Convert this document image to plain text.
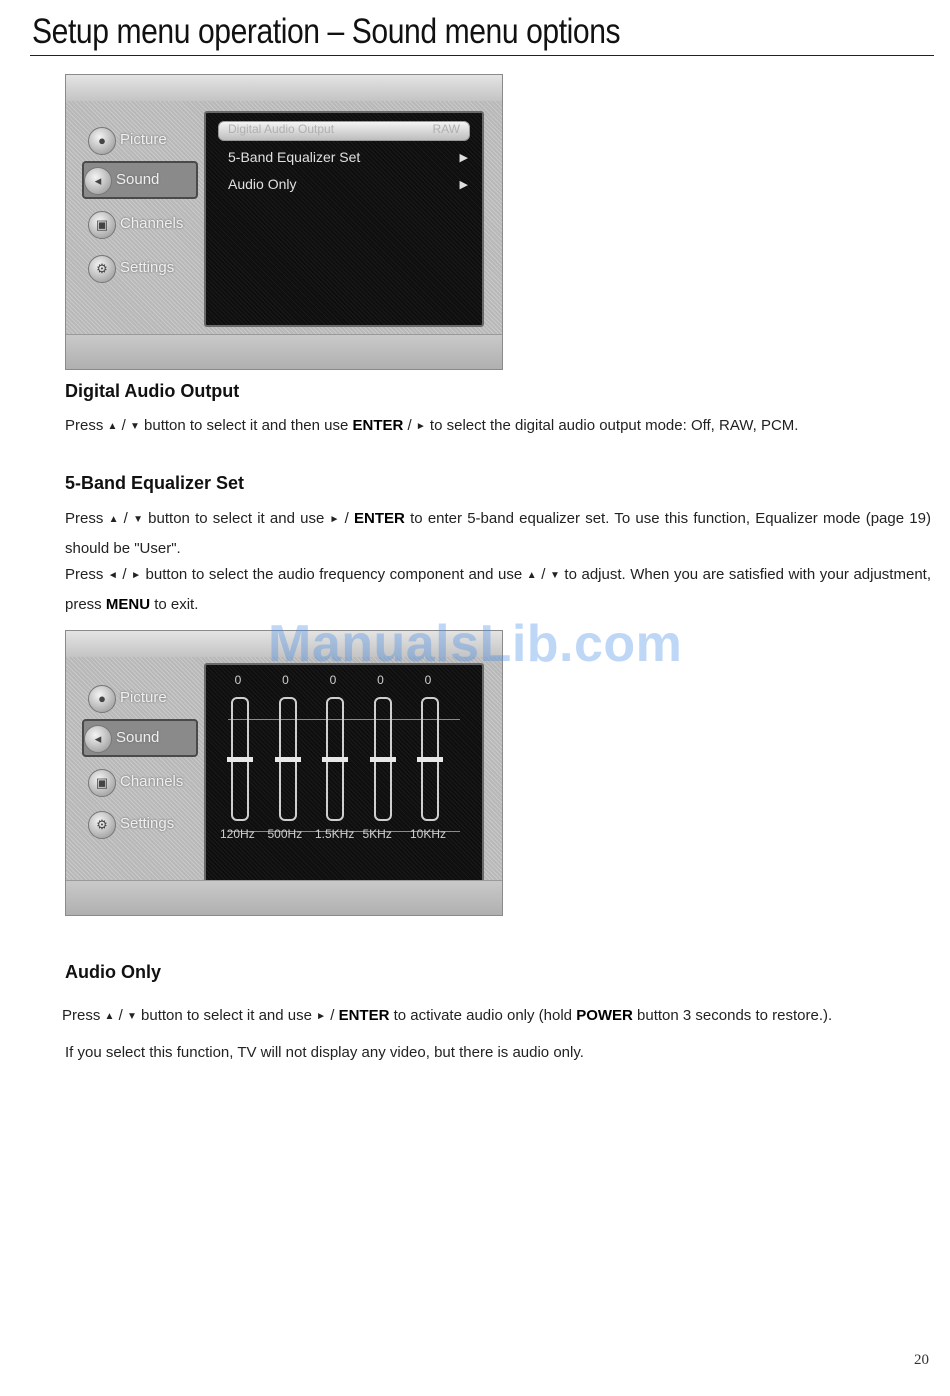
Setup menu operation – Sound menu options
● Picture
◂ Sound
▣ Channels
⚙ Settings
Digital Audio Output	RAW
5-Band Equalizer Set	▶
Audio Only	▶
Digital Audio Output

Press ▲ / ▼ button to select it and then use ENTER / ► to select the digital audio output mode: Off, RAW, PCM.

5-Band Equalizer Set

Press ▲ / ▼ button to select it and use ► / ENTER to enter 5-band equalizer set. To use this function, Equalizer mode (page 19) should be "User".

Press ◄ / ► button to select the audio frequency component and use ▲ / ▼ to adjust. When you are satisfied with your adjustment, press MENU to exit.

● Picture
◂ Sound
▣ Channels
⚙ Settings
0
120Hz
0
500Hz
0
1.5KHz
0
5KHz
0
10KHz
ManualsLib.com
Audio Only

Press ▲ / ▼ button to select it and use ► / ENTER to activate audio only (hold POWER button 3 seconds to restore.).

If you select this function, TV will not display any video, but there is audio only.

20
